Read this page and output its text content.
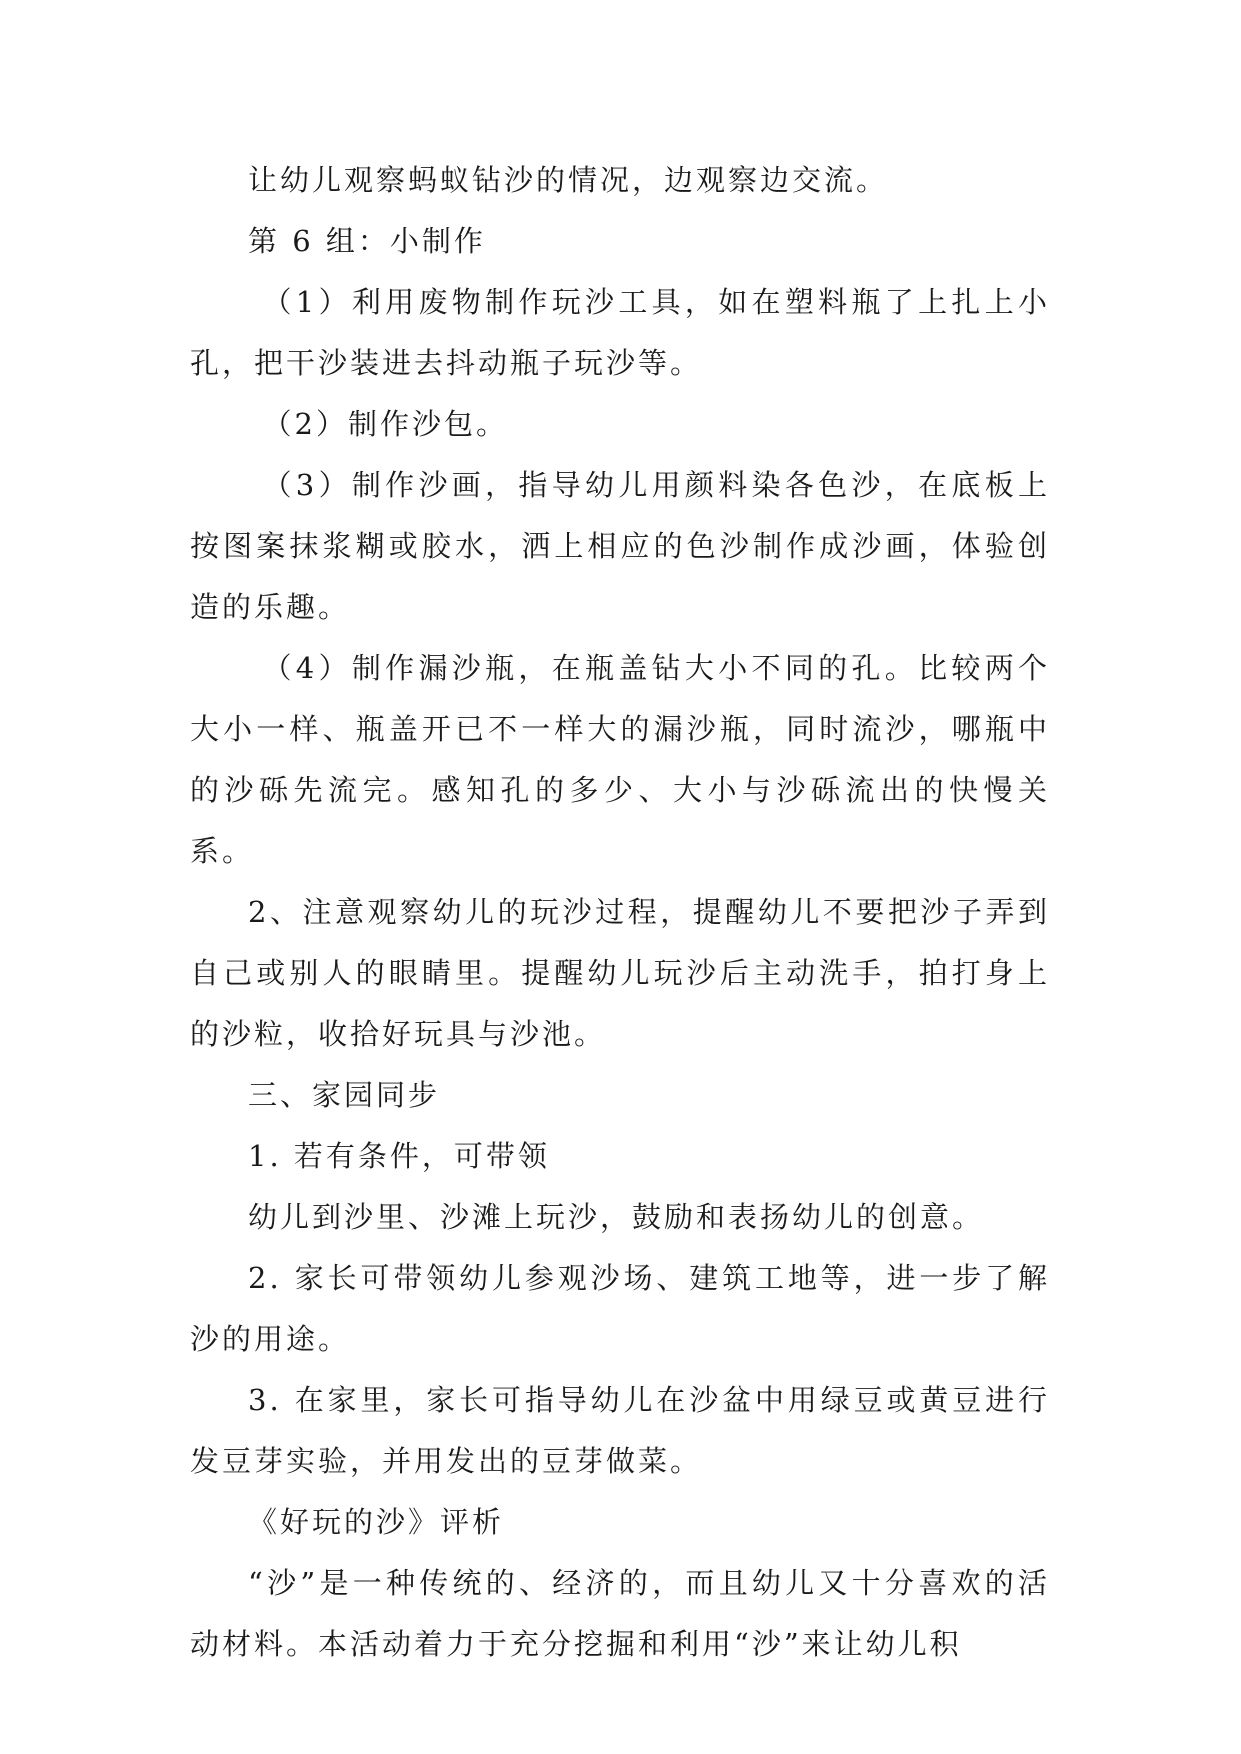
让幼儿观察蚂蚁钻沙的情况，边观察边交流。

第 6 组：小制作

（1）利用废物制作玩沙工具，如在塑料瓶了上扎上小孔，把干沙装进去抖动瓶子玩沙等。

（2）制作沙包。

（3）制作沙画，指导幼儿用颜料染各色沙，在底板上按图案抹浆糊或胶水，洒上相应的色沙制作成沙画，体验创造的乐趣。

（4）制作漏沙瓶，在瓶盖钻大小不同的孔。比较两个大小一样、瓶盖开已不一样大的漏沙瓶，同时流沙，哪瓶中的沙砾先流完。感知孔的多少、大小与沙砾流出的快慢关系。

2、注意观察幼儿的玩沙过程，提醒幼儿不要把沙子弄到自己或别人的眼睛里。提醒幼儿玩沙后主动洗手，拍打身上的沙粒，收拾好玩具与沙池。

三、家园同步

1. 若有条件，可带领

幼儿到沙里、沙滩上玩沙，鼓励和表扬幼儿的创意。

2. 家长可带领幼儿参观沙场、建筑工地等，进一步了解沙的用途。

3. 在家里，家长可指导幼儿在沙盆中用绿豆或黄豆进行发豆芽实验，并用发出的豆芽做菜。

《好玩的沙》评析

“沙”是一种传统的、经济的，而且幼儿又十分喜欢的活动材料。本活动着力于充分挖掘和利用“沙”来让幼儿积
